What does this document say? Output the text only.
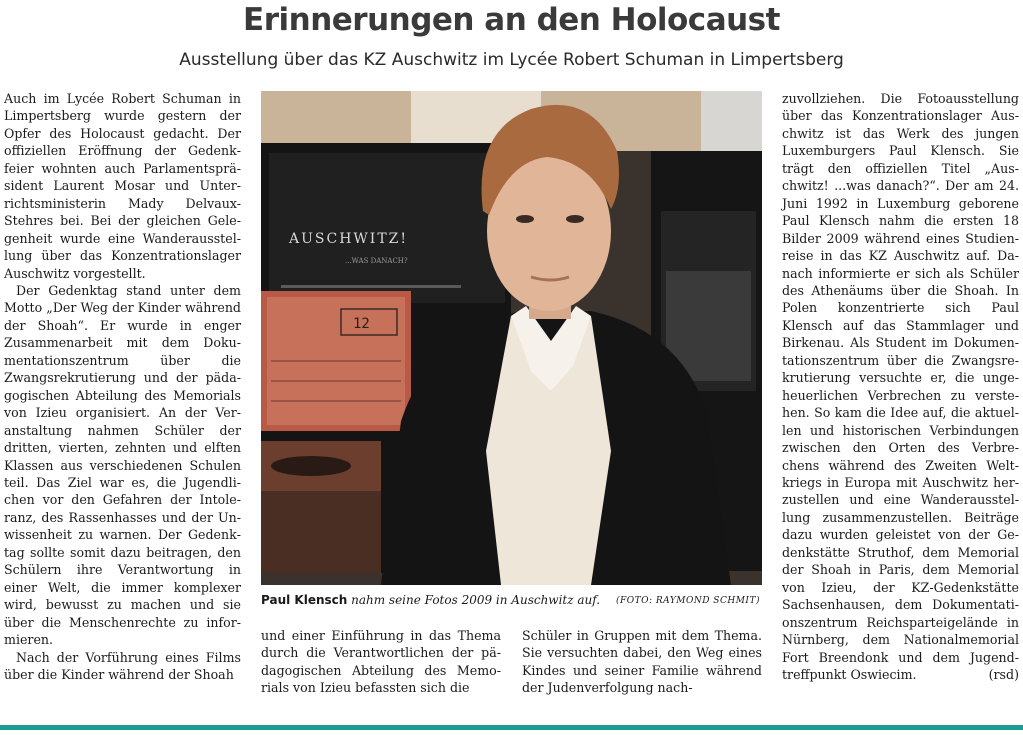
Erinnerungen an den Holocaust
Ausstellung über das KZ Auschwitz im Lycée Robert Schuman in Limpertsberg

Auch im Lycée Robert Schuman in Limpertsberg wurde gestern der Opfer des Holocaust gedacht. Der offiziellen Eröffnung der Gedenkfeier wohnten auch Parlamentspräsident Laurent Mosar und Unterrichtsministerin Mady Delvaux-Stehres bei. Bei der gleichen Gelegenheit wurde eine Wanderausstellung über das Konzentrationslager Auschwitz vorgestellt.

Der Gedenktag stand unter dem Motto „Der Weg der Kinder während der Shoah“. Er wurde in enger Zusammenarbeit mit dem Dokumentationszentrum über die Zwangsrekrutierung und der pädagogischen Abteilung des Memorials von Izieu organisiert. An der Veranstaltung nahmen Schüler der dritten, vierten, zehnten und elften Klassen aus verschiedenen Schulen teil. Das Ziel war es, die Jugendlichen vor den Gefahren der Intoleranz, des Rassenhasses und der Unwissenheit zu warnen. Der Gedenktag sollte somit dazu beitragen, den Schülern ihre Verantwortung in einer Welt, die immer komplexer wird, bewusst zu machen und sie über die Menschenrechte zu informieren.

Nach der Vorführung eines Films über die Kinder während der Shoah

AUSCHWITZ!
...WAS DANACH?
12
Paul Klensch nahm seine Fotos 2009 in Auschwitz auf. (FOTO: RAYMOND SCHMIT)

und einer Einführung in das Thema durch die Verantwortlichen der pädagogischen Abteilung des Memorials von Izieu befassten sich die

Schüler in Gruppen mit dem Thema. Sie versuchten dabei, den Weg eines Kindes und seiner Familie während der Judenverfolgung nach-

zuvollziehen. Die Fotoausstellung über das Konzentrationslager Auschwitz ist das Werk des jungen Luxemburgers Paul Klensch. Sie trägt den offiziellen Titel „Auschwitz! ...was danach?“. Der am 24. Juni 1992 in Luxemburg geborene Paul Klensch nahm die ersten 18 Bilder 2009 während eines Studienreise in das KZ Auschwitz auf. Danach informierte er sich als Schüler des Athenäums über die Shoah. In Polen konzentrierte sich Paul Klensch auf das Stammlager und Birkenau. Als Student im Dokumentationszentrum über die Zwangsrekrutierung versuchte er, die ungeheuerlichen Verbrechen zu verstehen. So kam die Idee auf, die aktuellen und historischen Verbindungen zwischen den Orten des Verbrechens während des Zweiten Weltkriegs in Europa mit Auschwitz herzustellen und eine Wanderausstellung zusammenzustellen. Beiträge dazu wurden geleistet von der Gedenkstätte Struthof, dem Memorial der Shoah in Paris, dem Memorial von Izieu, der KZ-Gedenkstätte Sachsenhausen, dem Dokumentationszentrum Reichsparteigelände in Nürnberg, dem Nationalmemorial Fort Breendonk und dem Jugendtreffpunkt Oswiecim.	(rsd)
